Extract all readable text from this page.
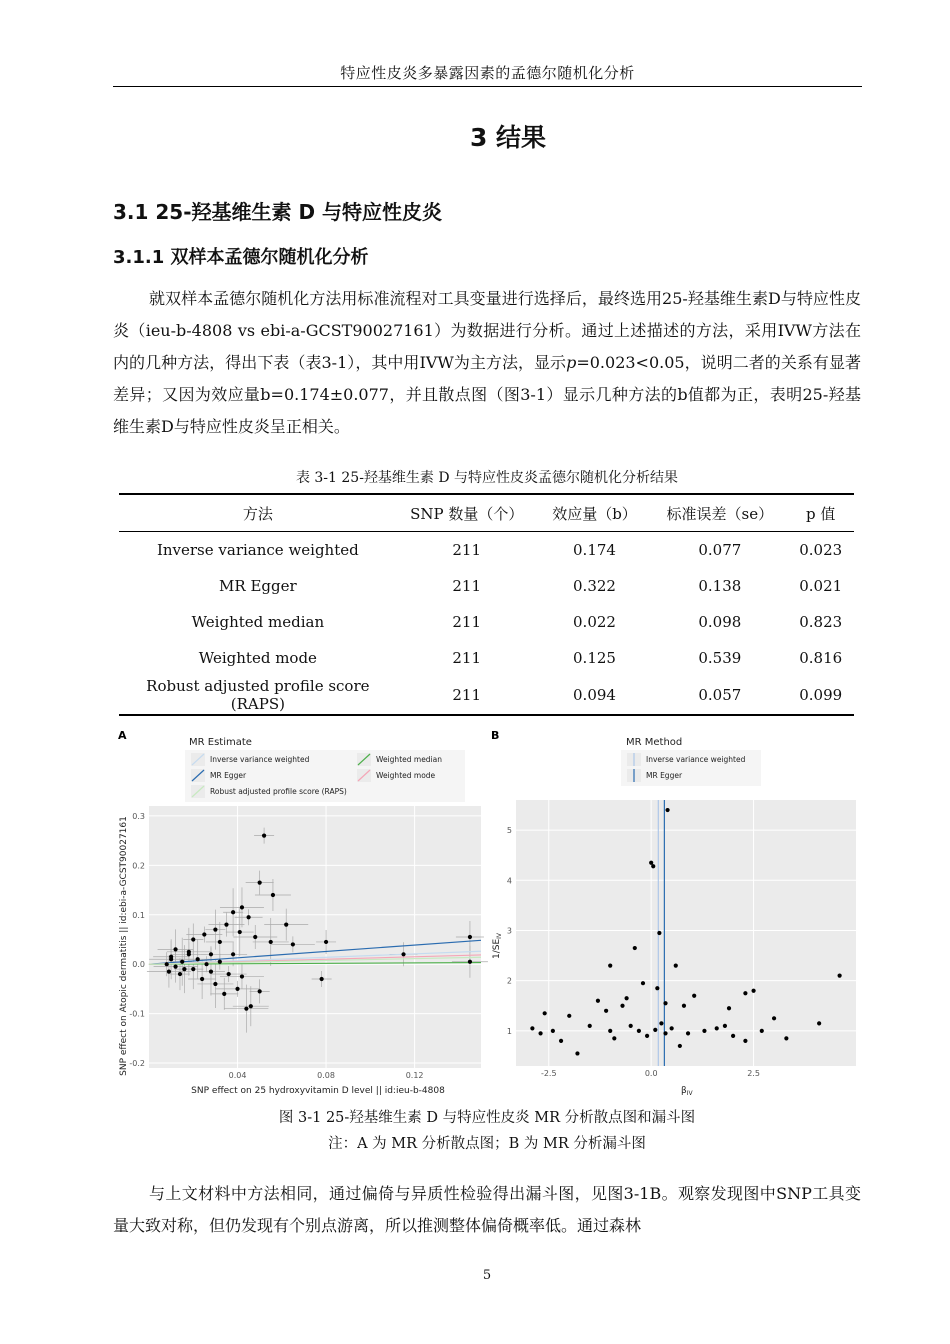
特应性皮炎多暴露因素的孟德尔随机化分析
3 结果
3.1 25-羟基维生素 D 与特应性皮炎
3.1.1 双样本孟德尔随机化分析

就双样本孟德尔随机化方法用标准流程对工具变量进行选择后，最终选用25-羟基维生素D与特应性皮炎（ieu-b-4808 vs ebi-a-GCST90027161）为数据进行分析。通过上述描述的方法，采用IVW方法在内的几种方法，得出下表（表3-1），其中用IVW为主方法，显示p=0.023<0.05，说明二者的关系有显著差异；又因为效应量b=0.174±0.077，并且散点图（图3-1）显示几种方法的b值都为正，表明25-羟基维生素D与特应性皮炎呈正相关。

表 3-1 25-羟基维生素 D 与特应性皮炎孟德尔随机化分析结果
方法	SNP 数量（个）	效应量（b）	标准误差（se）	p 值
Inverse variance weighted	211	0.174	0.077	0.023
MR Egger	211	0.322	0.138	0.021
Weighted median	211	0.022	0.098	0.823
Weighted mode	211	0.125	0.539	0.816
Robust adjusted profile score (RAPS)	211	0.094	0.057	0.099
A
MR Estimate
Inverse variance weighted
MR Egger
Robust adjusted profile score (RAPS)
Weighted median
Weighted mode
0.04	0.08	0.12
-0.2
-0.1
0.0
0.1
0.2
0.3
SNP effect on 25 hydroxyvitamin D level || id:ieu-b-4808
SNP effect on Atopic dermatitis || id:ebi-a-GCST90027161
B
MR Method
Inverse variance weighted
MR Egger
-2.5	0.0	2.5
1
2
3
4
5
$\beta_{IV}$
$1/SE_{IV}$
图 3-1 25-羟基维生素 D 与特应性皮炎 MR 分析散点图和漏斗图
注：A 为 MR 分析散点图；B 为 MR 分析漏斗图

与上文材料中方法相同，通过偏倚与异质性检验得出漏斗图，见图3-1B。观察发现图中SNP工具变量大致对称，但仍发现有个别点游离，所以推测整体偏倚概率低。通过森林

5
